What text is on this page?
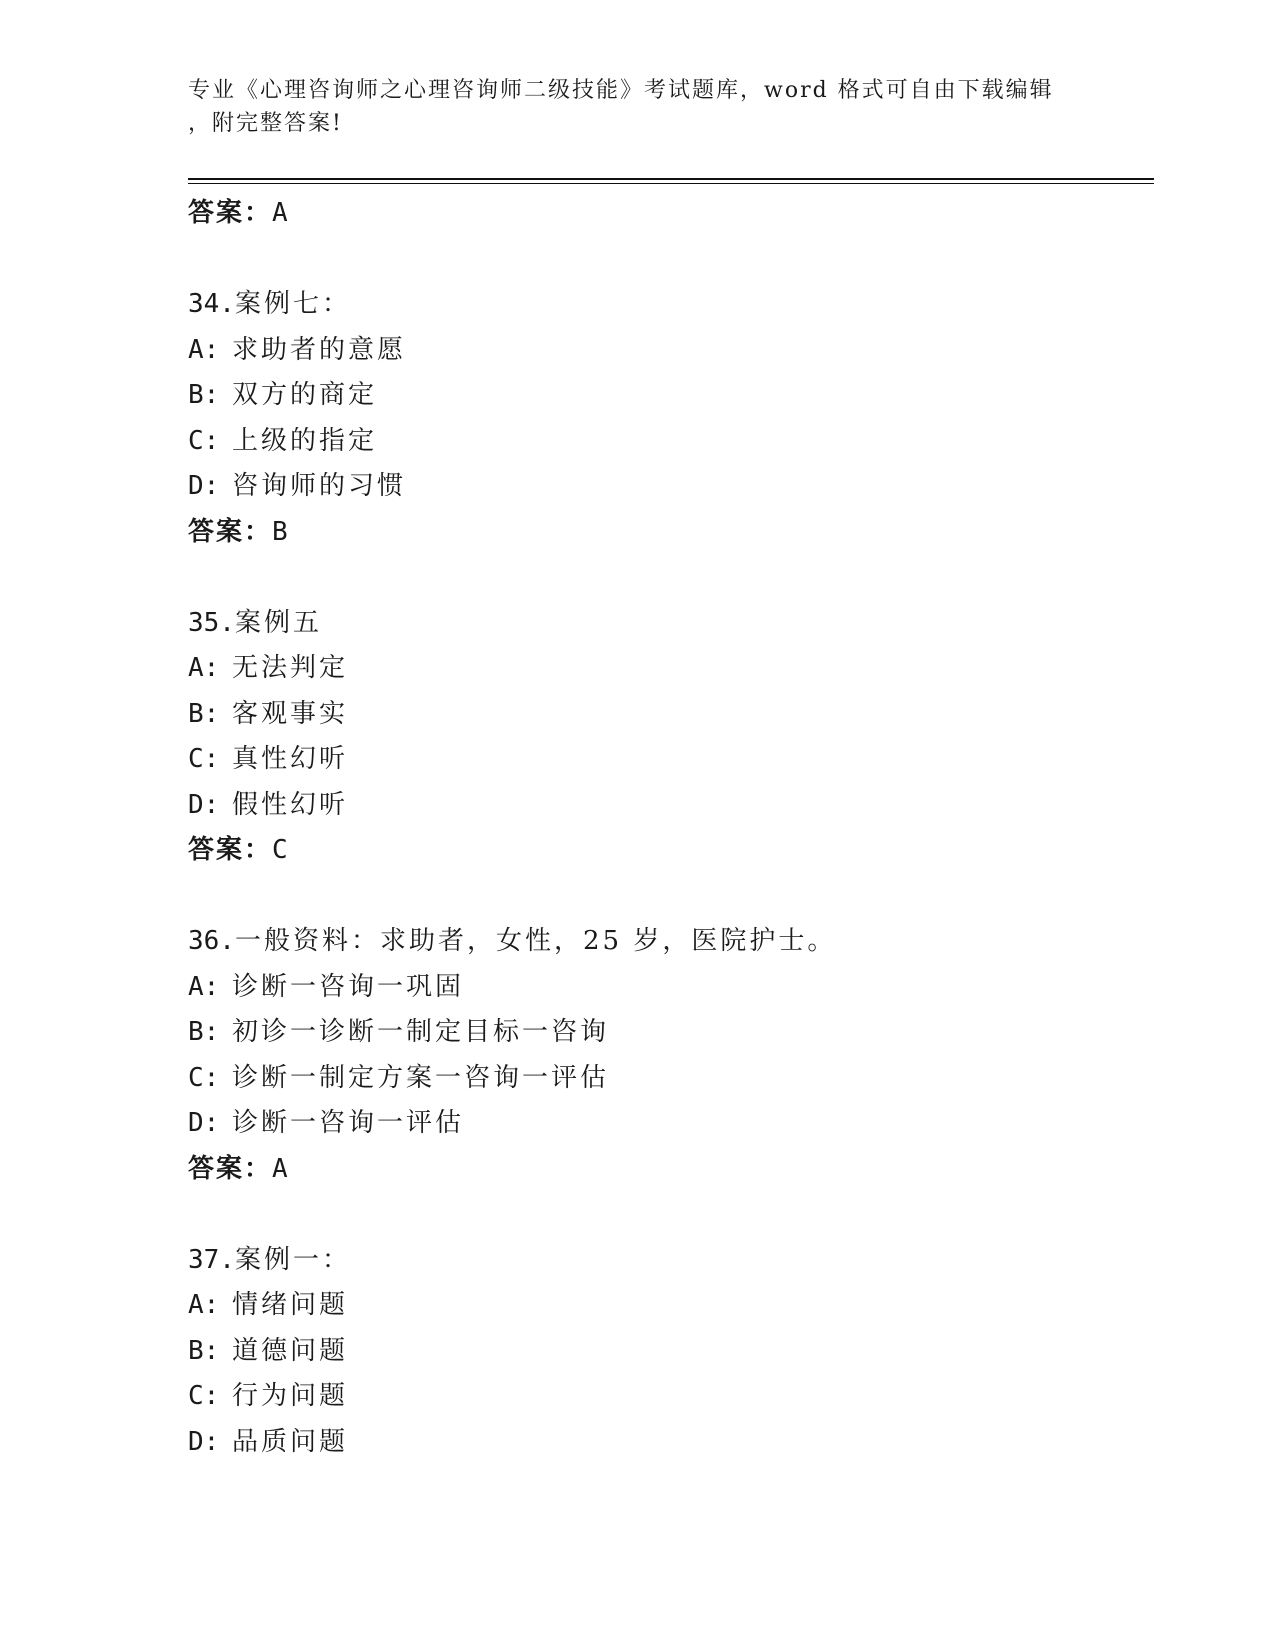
专业《心理咨询师之心理咨询师二级技能》考试题库，word 格式可自由下载编辑
，附完整答案!
答案：A
34.案例七：
A: 求助者的意愿
B: 双方的商定
C: 上级的指定
D: 咨询师的习惯
答案：B
35.案例五
A: 无法判定
B: 客观事实
C: 真性幻听
D: 假性幻听
答案：C
36.一般资料：求助者，女性，25 岁，医院护士。
A: 诊断一咨询一巩固
B: 初诊一诊断一制定目标一咨询
C: 诊断一制定方案一咨询一评估
D: 诊断一咨询一评估
答案：A
37.案例一：
A: 情绪问题
B: 道德问题
C: 行为问题
D: 品质问题
